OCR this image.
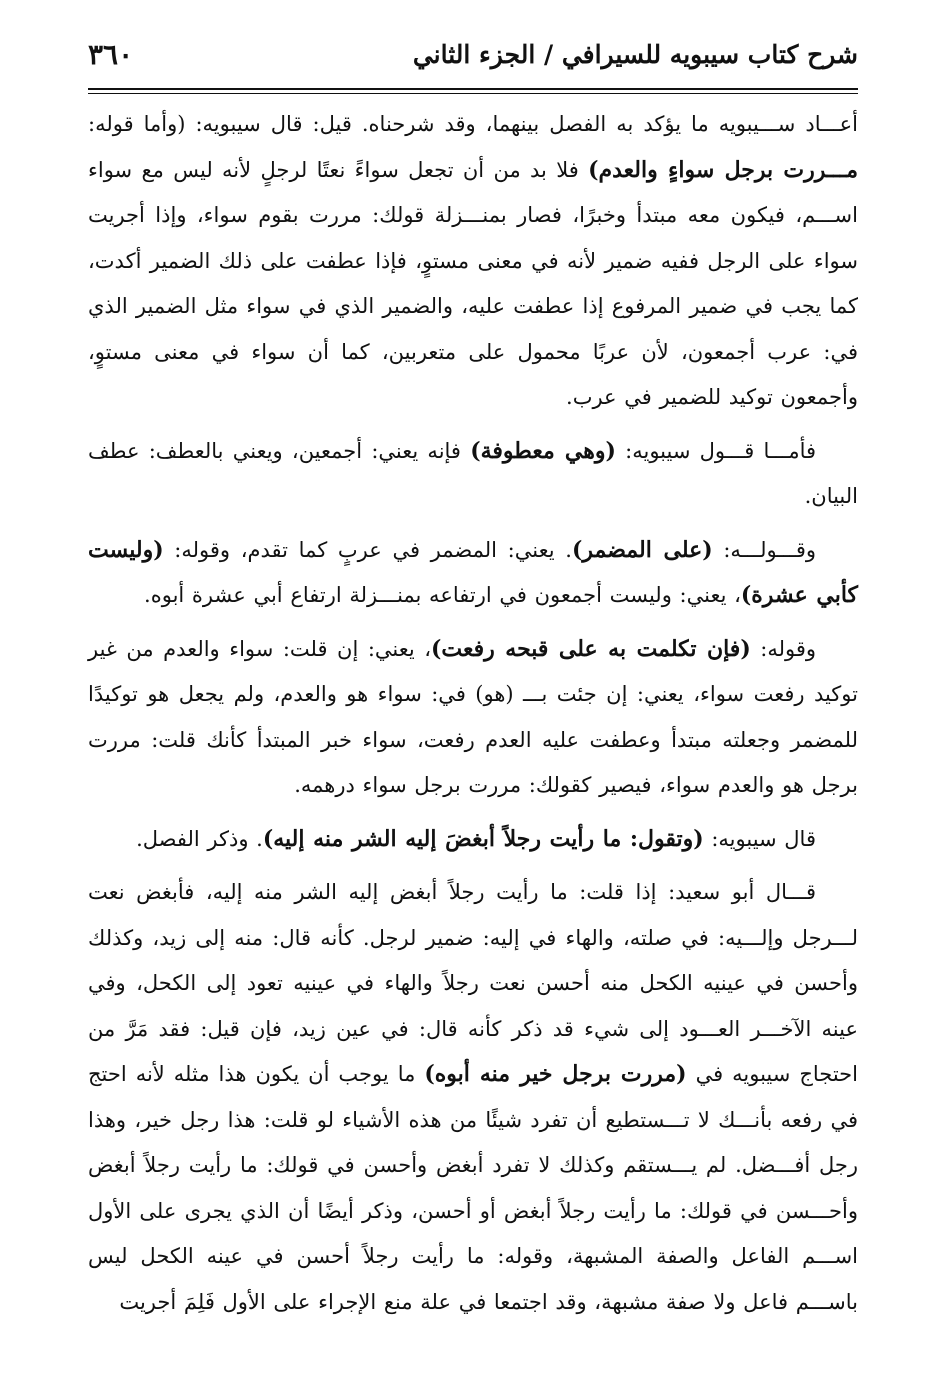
شرح كتاب سيبويه للسيرافي / الجزء الثاني
٣٦٠

أعـــاد ســـيبويه ما يؤكد به الفصل بينهما، وقد شرحناه. قيل: قال سيبويه: (وأما قوله: مـــررت برجل سواءٍ والعدم) فلا بد من أن تجعل سواءً نعتًا لرجلٍ لأنه ليس مع سواء اســـم، فيكون معه مبتدأ وخبرًا، فصار بمنـــزلة قولك: مررت بقوم سواء، وإذا أجريت سواء على الرجل ففيه ضمير لأنه في معنى مستوٍ، فإذا عطفت على ذلك الضمير أكدت، كما يجب في ضمير المرفوع إذا عطفت عليه، والضمير الذي في سواء مثل الضمير الذي في: عرب أجمعون، لأن عربًا محمول على متعربين، كما أن سواء في معنى مستوٍ، وأجمعون توكيد للضمير في عرب.

فأمـــا قـــول سيبويه: (وهي معطوفة) فإنه يعني: أجمعين، ويعني بالعطف: عطف البيان.

وقـــولـــه: (على المضمر). يعني: المضمر في عربٍ كما تقدم، وقوله: (وليست كأبي عشرة)، يعني: وليست أجمعون في ارتفاعه بمنـــزلة ارتفاع أبي عشرة أبوه.

وقوله: (فإن تكلمت به على قبحه رفعت)، يعني: إن قلت: سواء والعدم من غير توكيد رفعت سواء، يعني: إن جئت بـــ (هو) في: سواء هو والعدم، ولم يجعل هو توكيدًا للمضمر وجعلته مبتدأ وعطفت عليه العدم رفعت، سواء خبر المبتدأ كأنك قلت: مررت برجل هو والعدم سواء، فيصير كقولك: مررت برجل سواء درهمه.

قال سيبويه: (وتقول: ما رأيت رجلاً أبغضَ إليه الشر منه إليه). وذكر الفصل.

قـــال أبو سعيد: إذا قلت: ما رأيت رجلاً أبغض إليه الشر منه إليه، فأبغض نعت لـــرجل وإلـــيه: في صلته، والهاء في إليه: ضمير لرجل. كأنه قال: منه إلى زيد، وكذلك وأحسن في عينيه الكحل منه أحسن نعت رجلاً والهاء في عينيه تعود إلى الكحل، وفي عينه الآخـــر العـــود إلى شيء قد ذكر كأنه قال: في عين زيد، فإن قيل: فقد مَرَّ من احتجاج سيبويه في (مررت برجل خير منه أبوه) ما يوجب أن يكون هذا مثله لأنه احتج في رفعه بأنـــك لا تـــستطيع أن تفرد شيئًا من هذه الأشياء لو قلت: هذا رجل خير، وهذا رجل أفـــضل. لم يـــستقم وكذلك لا تفرد أبغض وأحسن في قولك: ما رأيت رجلاً أبغض وأحـــسن في قولك: ما رأيت رجلاً أبغض أو أحسن، وذكر أيضًا أن الذي يجرى على الأول اســـم الفاعل والصفة المشبهة، وقوله: ما رأيت رجلاً أحسن في عينه الكحل ليس باســـم فاعل ولا صفة مشبهة، وقد اجتمعا في علة منع الإجراء على الأول فَلِمَ أجريت
